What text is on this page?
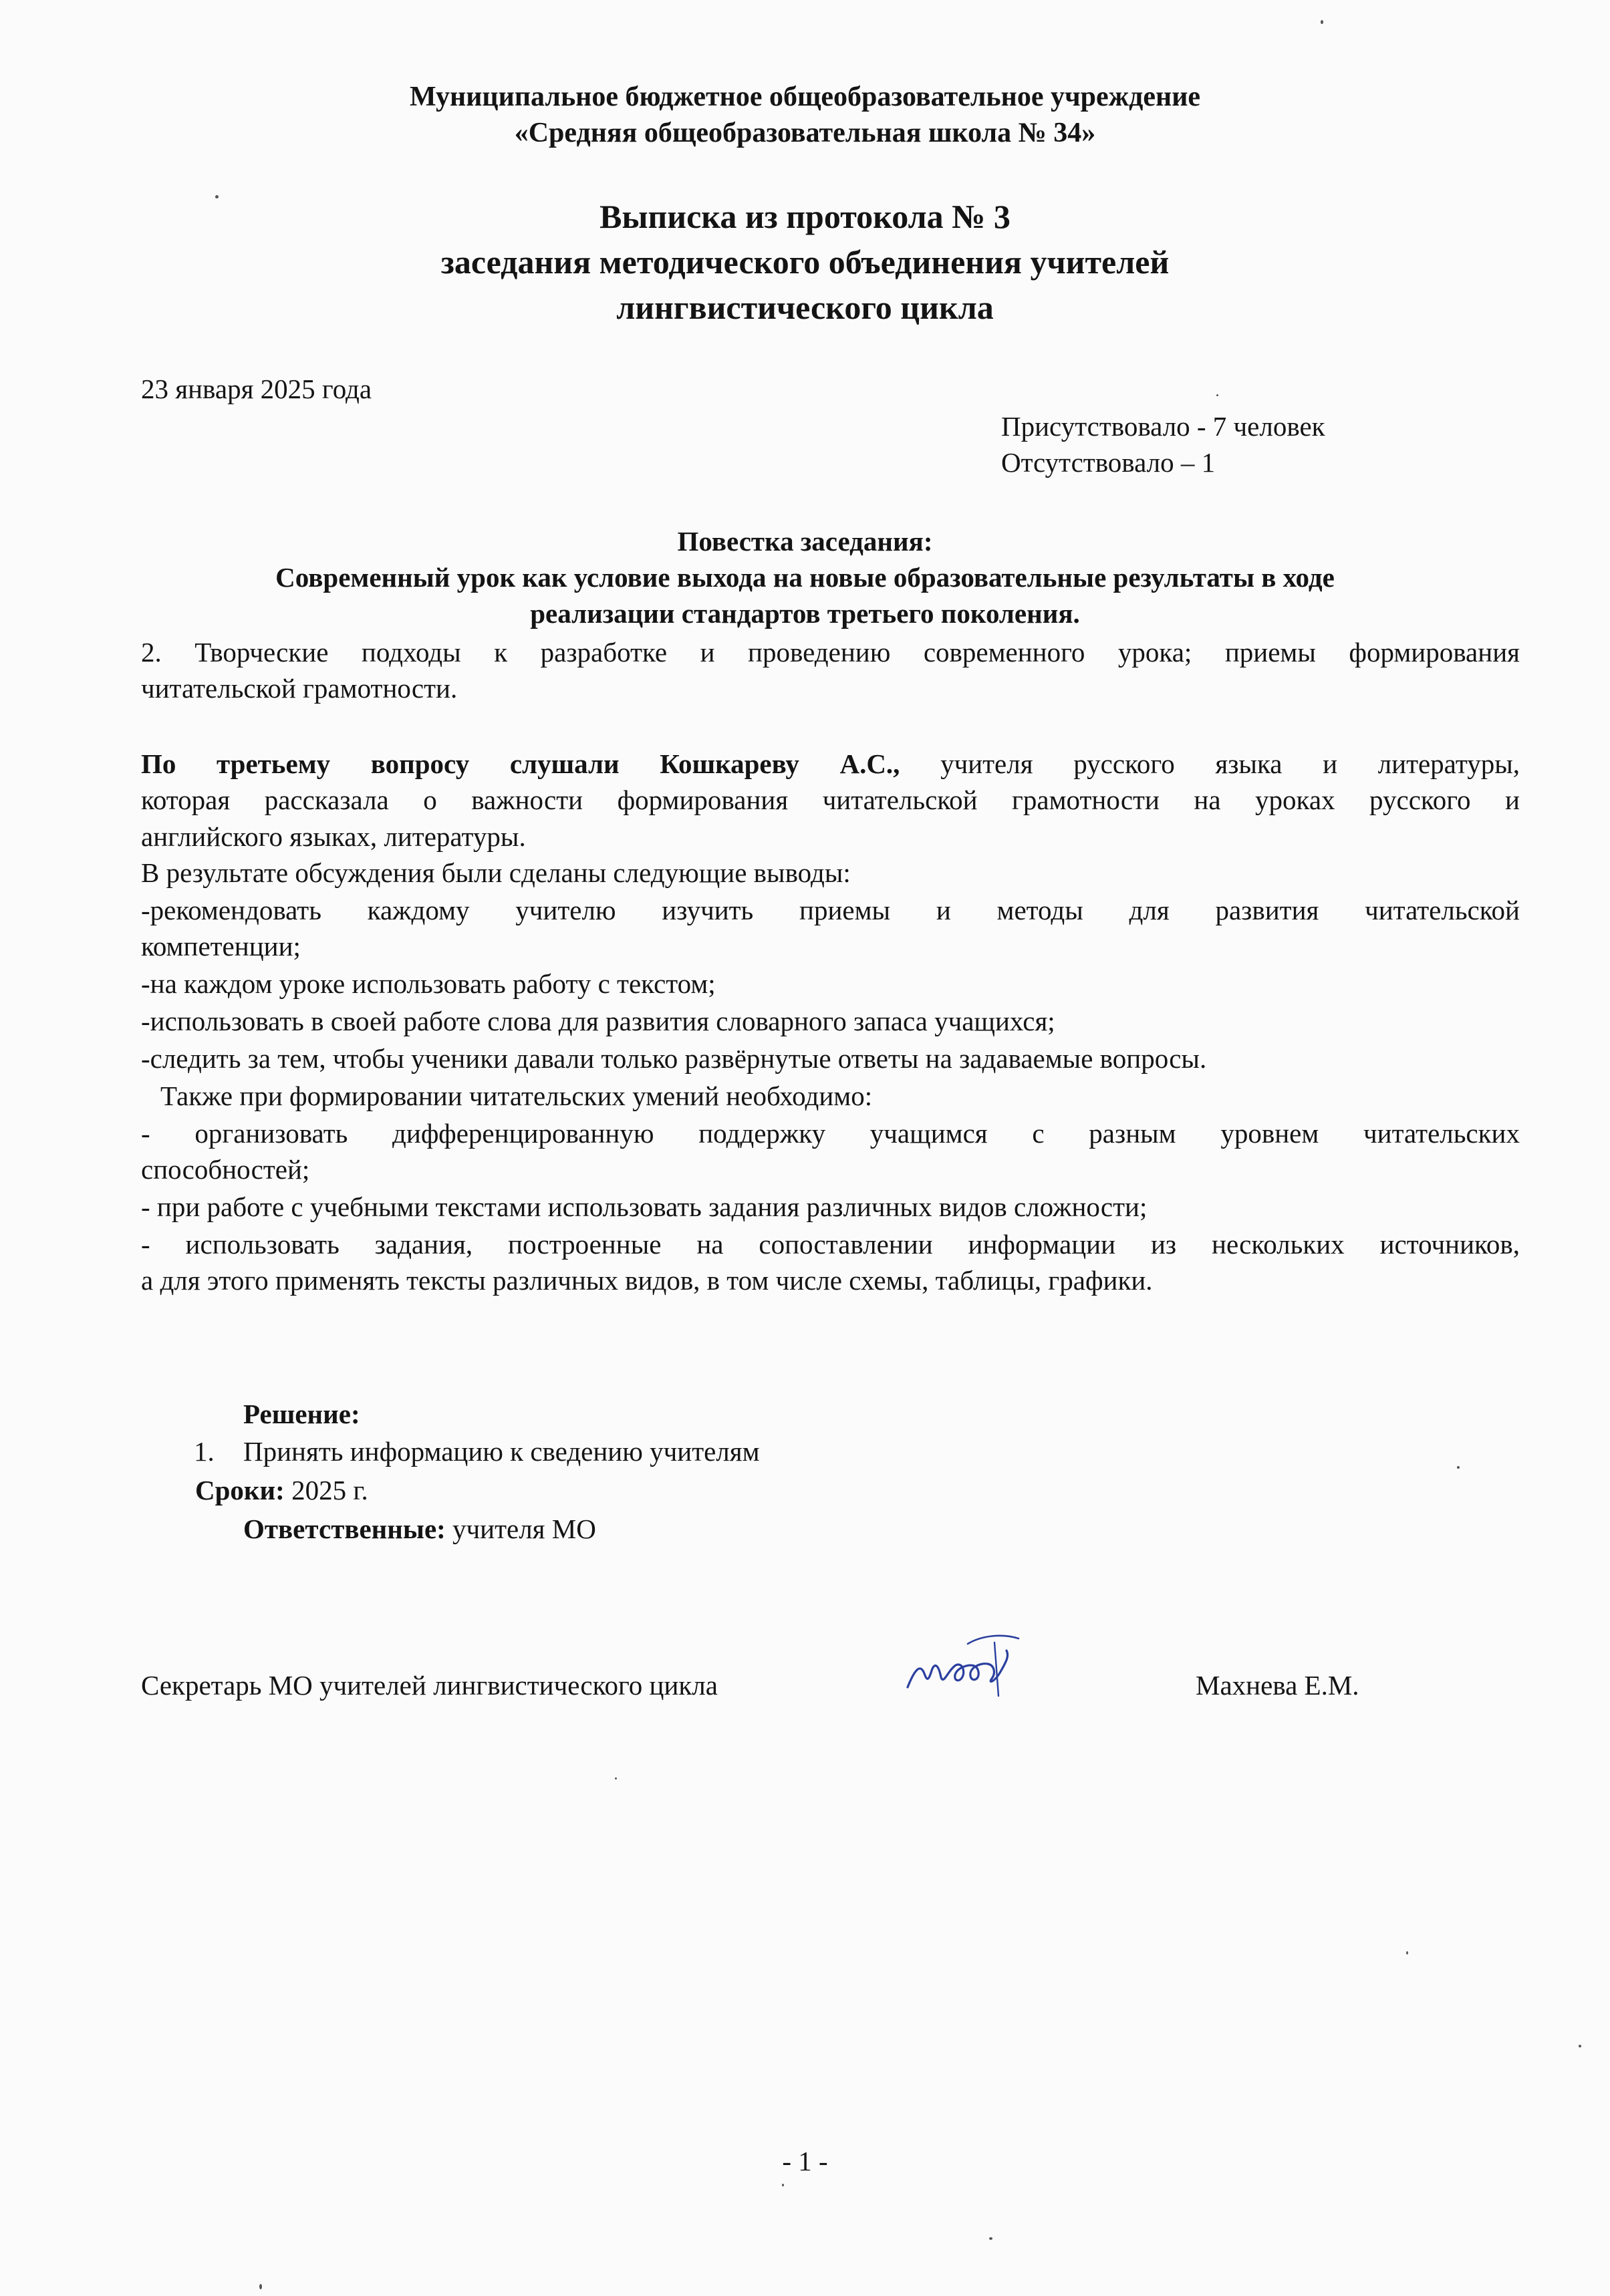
Муниципальное бюджетное общеобразовательное учреждение
«Средняя общеобразовательная школа № 34»
Выписка из протокола № 3
заседания методического объединения учителей
лингвистического цикла
23 января 2025 года
Присутствовало - 7 человек
Отсутствовало – 1
Повестка заседания:
Современный урок как условие выхода на новые образовательные результаты в ходе
реализации стандартов третьего поколения.
2. Творческие подходы к разработке и проведению современного урока; приемы формирования
читательской грамотности.
По третьему вопросу слушали Кошкареву А.С., учителя русского языка и литературы,
которая рассказала о важности формирования читательской грамотности на уроках русского и
английского языках, литературы.
В результате обсуждения были сделаны следующие выводы:
-рекомендовать каждому учителю изучить приемы и методы для развития читательской
компетенции;
-на каждом уроке использовать работу с текстом;
-использовать в своей работе слова для развития словарного запаса учащихся;
-следить за тем, чтобы ученики давали только развёрнутые ответы на задаваемые вопросы.
Также при формировании читательских умений необходимо:
- организовать дифференцированную поддержку учащимся с разным уровнем читательских
способностей;
- при работе с учебными текстами использовать задания различных видов сложности;
- использовать задания, построенные на сопоставлении информации из нескольких источников,
а для этого применять тексты различных видов, в том числе схемы, таблицы, графики.
Решение:
1. Принять информацию к сведению учителям
Сроки: 2025 г.
Ответственные: учителя МО
Секретарь МО учителей лингвистического цикла	Махнева Е.М.
- 1 -
